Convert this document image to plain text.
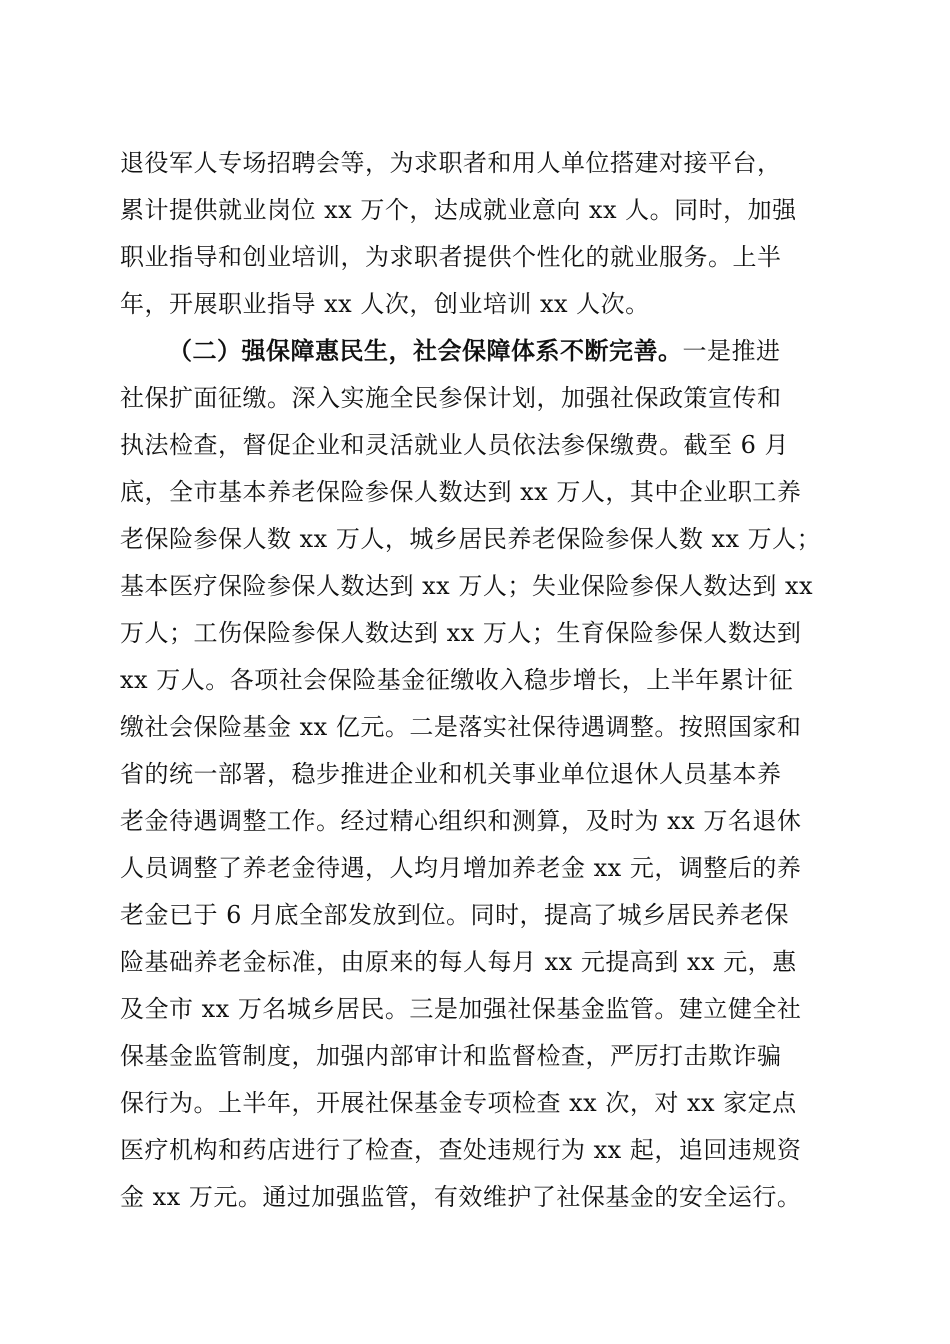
退役军人专场招聘会等，为求职者和用人单位搭建对接平台，
累计提供就业岗位 xx 万个，达成就业意向 xx 人。同时，加强
职业指导和创业培训，为求职者提供个性化的就业服务。上半
年，开展职业指导 xx 人次，创业培训 xx 人次。
（二）强保障惠民生，社会保障体系不断完善。一是推进
社保扩面征缴。深入实施全民参保计划，加强社保政策宣传和
执法检查，督促企业和灵活就业人员依法参保缴费。截至 6 月
底，全市基本养老保险参保人数达到 xx 万人，其中企业职工养
老保险参保人数 xx 万人，城乡居民养老保险参保人数 xx 万人；
基本医疗保险参保人数达到 xx 万人；失业保险参保人数达到 xx
万人；工伤保险参保人数达到 xx 万人；生育保险参保人数达到
xx 万人。各项社会保险基金征缴收入稳步增长，上半年累计征
缴社会保险基金 xx 亿元。二是落实社保待遇调整。按照国家和
省的统一部署，稳步推进企业和机关事业单位退休人员基本养
老金待遇调整工作。经过精心组织和测算，及时为 xx 万名退休
人员调整了养老金待遇，人均月增加养老金 xx 元，调整后的养
老金已于 6 月底全部发放到位。同时，提高了城乡居民养老保
险基础养老金标准，由原来的每人每月 xx 元提高到 xx 元，惠
及全市 xx 万名城乡居民。三是加强社保基金监管。建立健全社
保基金监管制度，加强内部审计和监督检查，严厉打击欺诈骗
保行为。上半年，开展社保基金专项检查 xx 次，对 xx 家定点
医疗机构和药店进行了检查，查处违规行为 xx 起，追回违规资
金 xx 万元。通过加强监管，有效维护了社保基金的安全运行。
